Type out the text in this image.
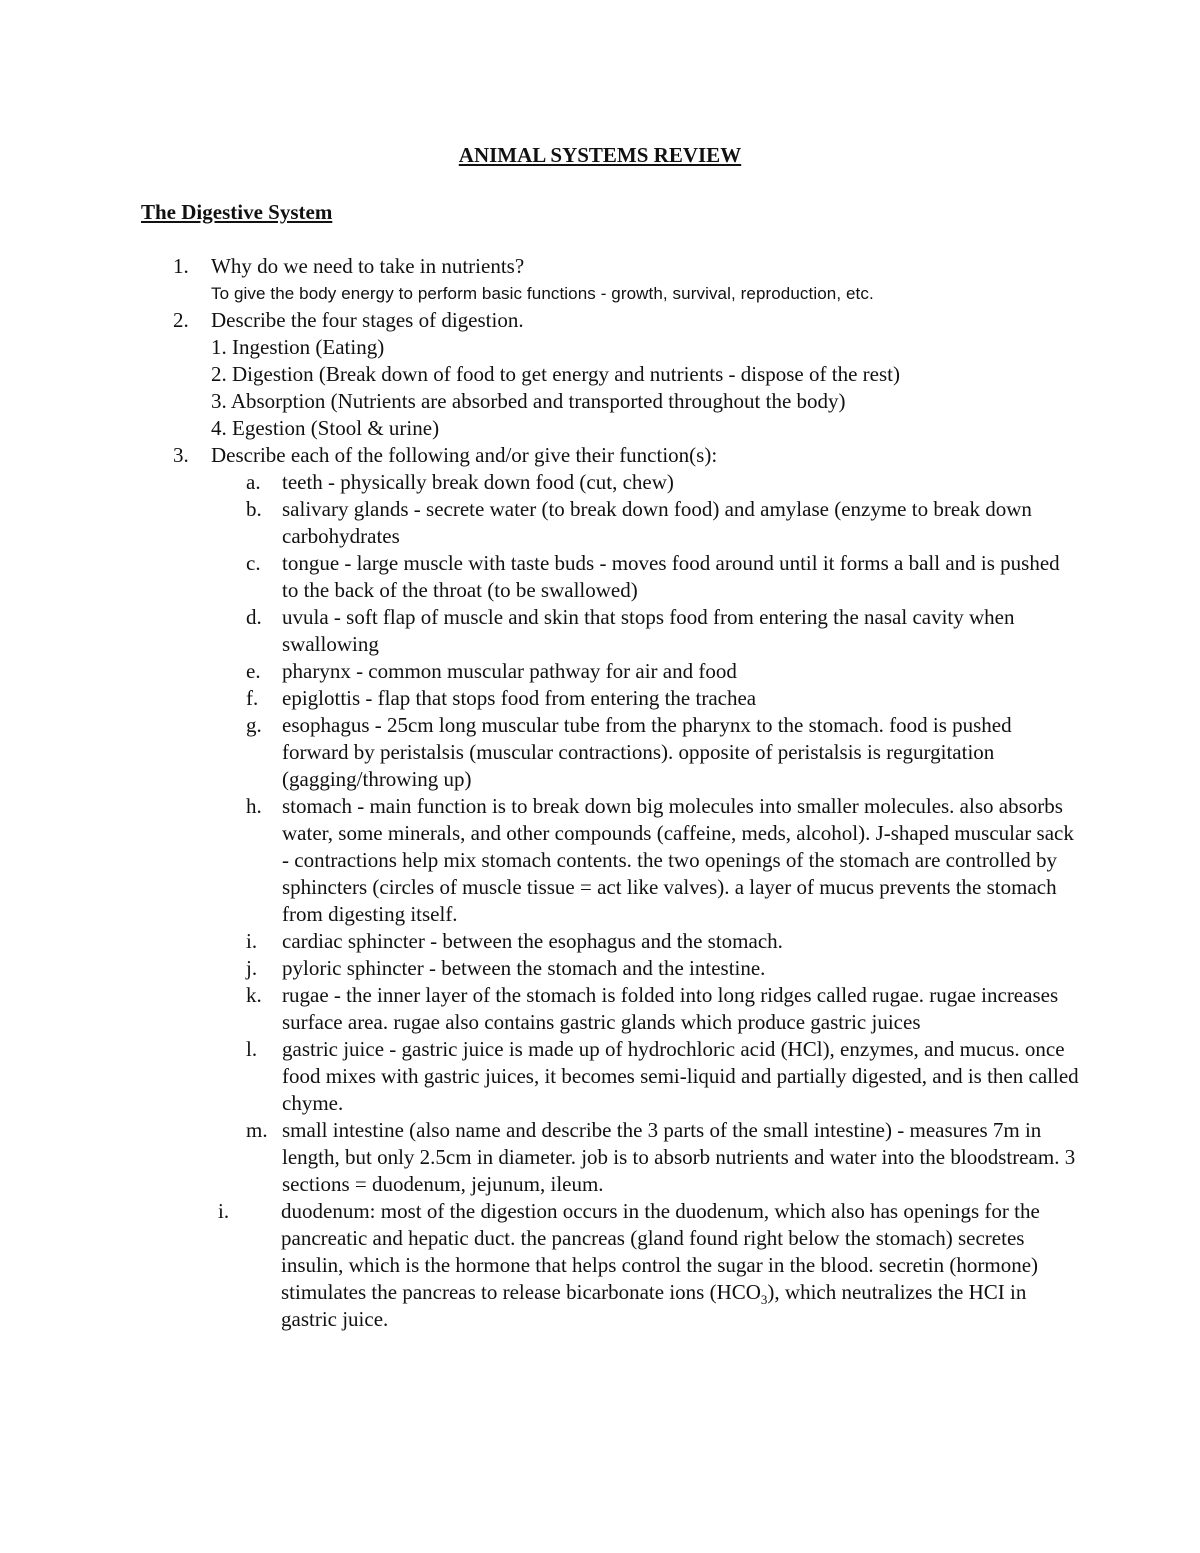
ANIMAL SYSTEMS REVIEW
The Digestive System
1. Why do we need to take in nutrients?
To give the body energy to perform basic functions - growth, survival, reproduction, etc.
2. Describe the four stages of digestion.
1. Ingestion (Eating)
2. Digestion (Break down of food to get energy and nutrients - dispose of the rest)
3. Absorption (Nutrients are absorbed and transported throughout the body)
4. Egestion (Stool & urine)
3. Describe each of the following and/or give their function(s):
a. teeth - physically break down food (cut, chew)
b. salivary glands - secrete water (to break down food) and amylase (enzyme to break down carbohydrates
c. tongue - large muscle with taste buds - moves food around until it forms a ball and is pushed to the back of the throat (to be swallowed)
d. uvula - soft flap of muscle and skin that stops food from entering the nasal cavity when swallowing
e. pharynx - common muscular pathway for air and food
f. epiglottis - flap that stops food from entering the trachea
g. esophagus - 25cm long muscular tube from the pharynx to the stomach. food is pushed forward by peristalsis (muscular contractions). opposite of peristalsis is regurgitation (gagging/throwing up)
h. stomach - main function is to break down big molecules into smaller molecules. also absorbs water, some minerals, and other compounds (caffeine, meds, alcohol). J-shaped muscular sack - contractions help mix stomach contents. the two openings of the stomach are controlled by sphincters (circles of muscle tissue = act like valves). a layer of mucus prevents the stomach from digesting itself.
i. cardiac sphincter - between the esophagus and the stomach.
j. pyloric sphincter - between the stomach and the intestine.
k. rugae - the inner layer of the stomach is folded into long ridges called rugae. rugae increases surface area. rugae also contains gastric glands which produce gastric juices
l. gastric juice - gastric juice is made up of hydrochloric acid (HCl), enzymes, and mucus. once food mixes with gastric juices, it becomes semi-liquid and partially digested, and is then called chyme.
m. small intestine (also name and describe the 3 parts of the small intestine) - measures 7m in length, but only 2.5cm in diameter. job is to absorb nutrients and water into the bloodstream. 3 sections = duodenum, jejunum, ileum.
i. duodenum: most of the digestion occurs in the duodenum, which also has openings for the pancreatic and hepatic duct. the pancreas (gland found right below the stomach) secretes insulin, which is the hormone that helps control the sugar in the blood. secretin (hormone) stimulates the pancreas to release bicarbonate ions $(HCO_3)$, which neutralizes the HCI in gastric juice.
